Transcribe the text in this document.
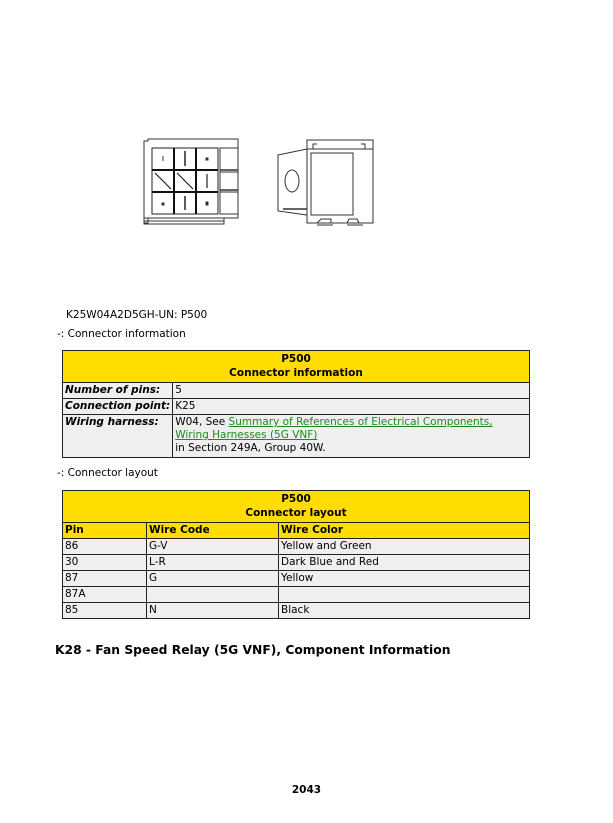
K25W04A2D5GH-UN: P500
-: Connector information
P500
Connector information	

Number of pins:	5
Connection point:	K25
Wiring harness:	W04, See Summary of References of Electrical Components, Wiring Harnesses (5G VNF)
in Section 249A, Group 40W.
-: Connector layout
P500
Connector layout		

Pin	Wire Code	Wire Color
86	G-V	Yellow and Green
30	L-R	Dark Blue and Red
87	G	Yellow
87A		
85	N	Black
K28 - Fan Speed Relay (5G VNF), Component Information
2043
